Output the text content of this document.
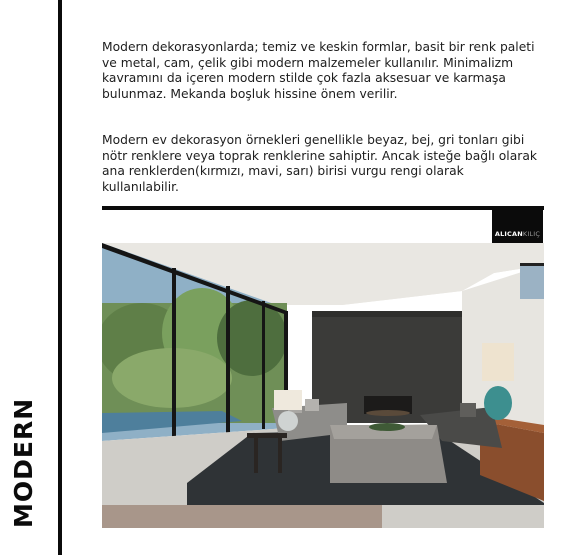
MODERN

Modern dekorasyonlarda; temiz ve keskin formlar, basit bir renk paleti ve metal, cam, çelik gibi modern malzemeler kullanılır. Minimalizm kavramını da içeren modern stilde çok fazla aksesuar ve karmaşa bulunmaz. Mekanda boşluk hissine önem verilir.

Modern ev dekorasyon örnekleri genellikle beyaz, bej, gri tonları gibi nötr renklere veya toprak renklerine sahiptir. Ancak isteğe bağlı olarak ana renklerden(kırmızı, mavi, sarı) birisi vurgu rengi olarak kullanılabilir.

ALICANKILIÇ
